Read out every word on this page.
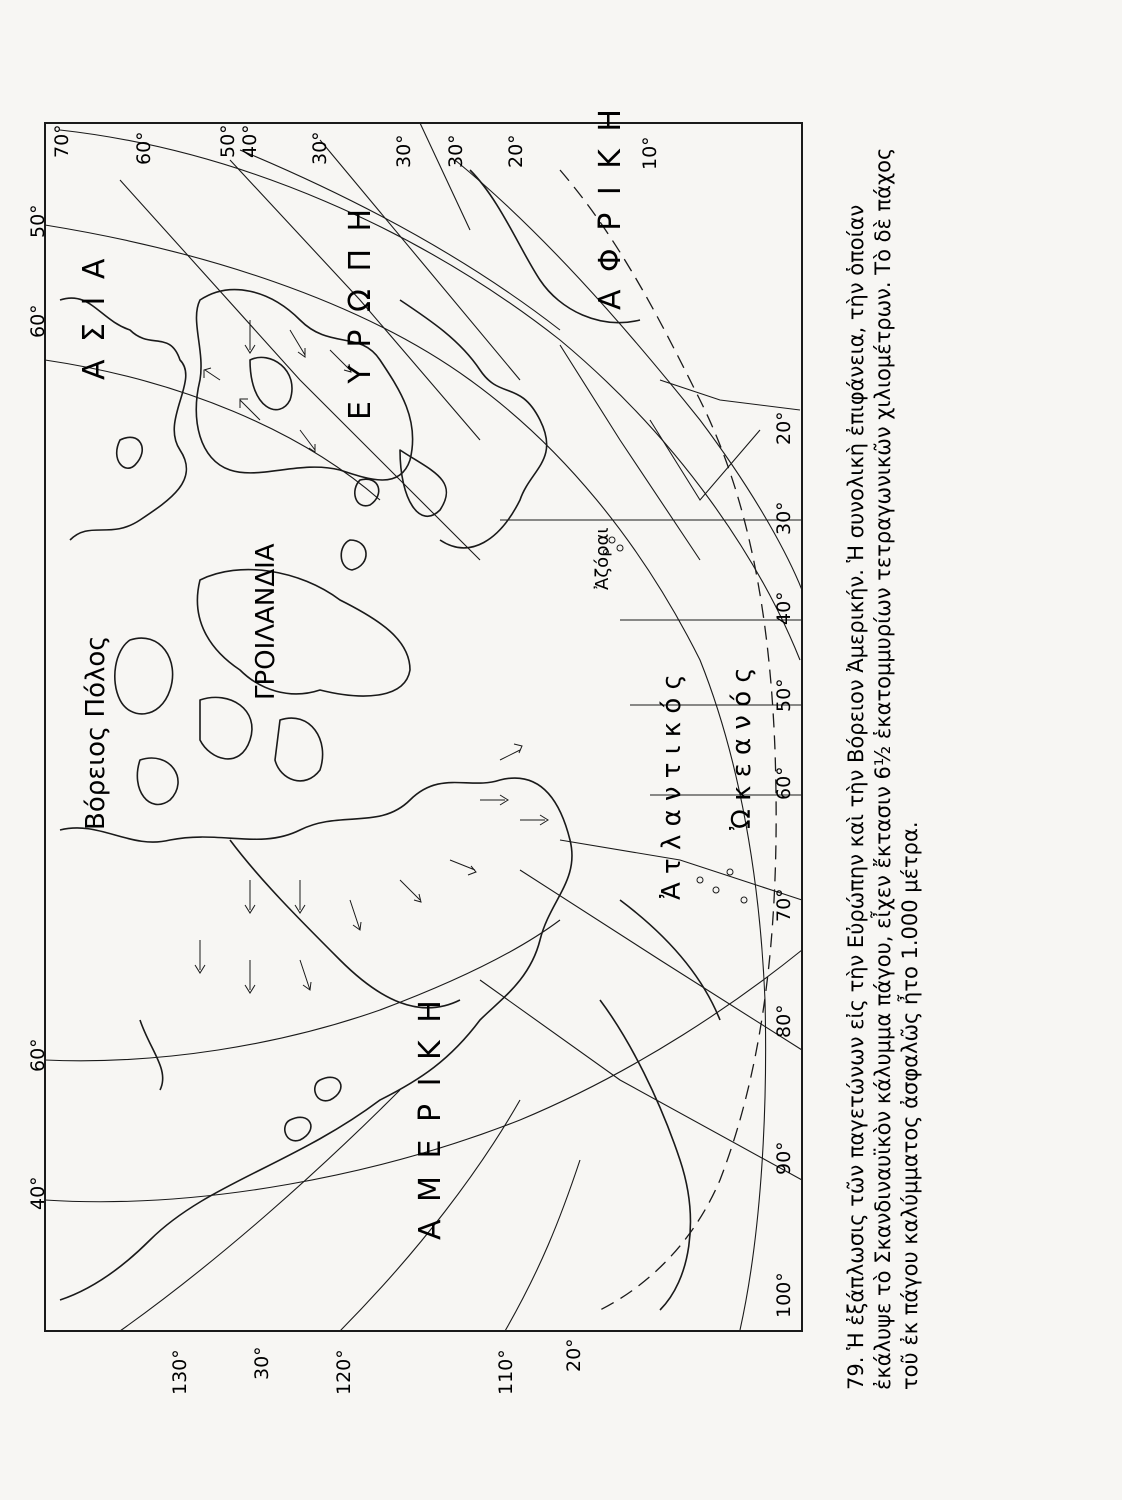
70°	60°	50° 40°	30°	30° 30° 20°	10°
50°
60°
60°
40°
20°
30°
40°
50°
60°
70°
80°
90°
100°
130°	30°	120°	110° 20°
Βόρειος Πόλος
ΓΡΟΙΛΑΝΔΙΑ
Α Σ Ι Α	Ε Υ Ρ Ω Π Η	Α Φ Ρ Ι Κ Η
Α Μ Ε Ρ Ι Κ Η
Ἀ τ λ α ν τ ι κ ό ς Ὠ κ ε α ν ό ς
Ἀζόραι	79. Ἡ ἐξάπλωσις τῶν παγετώνων εἰς τὴν Εὐρώπην καὶ τὴν Βόρειον Ἀμερικήν. Ἡ συνολικὴ ἐπιφάνεια, τὴν ὁποίαν ἐκάλυψε τὸ Σκανδιναυϊκὸν κάλυμμα πάγου, εἶχεν ἔκτασιν 6½ ἑκατομμυρίων τετραγωνικῶν χιλιομέτρων. Τὸ δὲ πάχος τοῦ ἐκ πάγου καλύμματος ἀσφαλῶς ἦτο 1.000 μέτρα.
